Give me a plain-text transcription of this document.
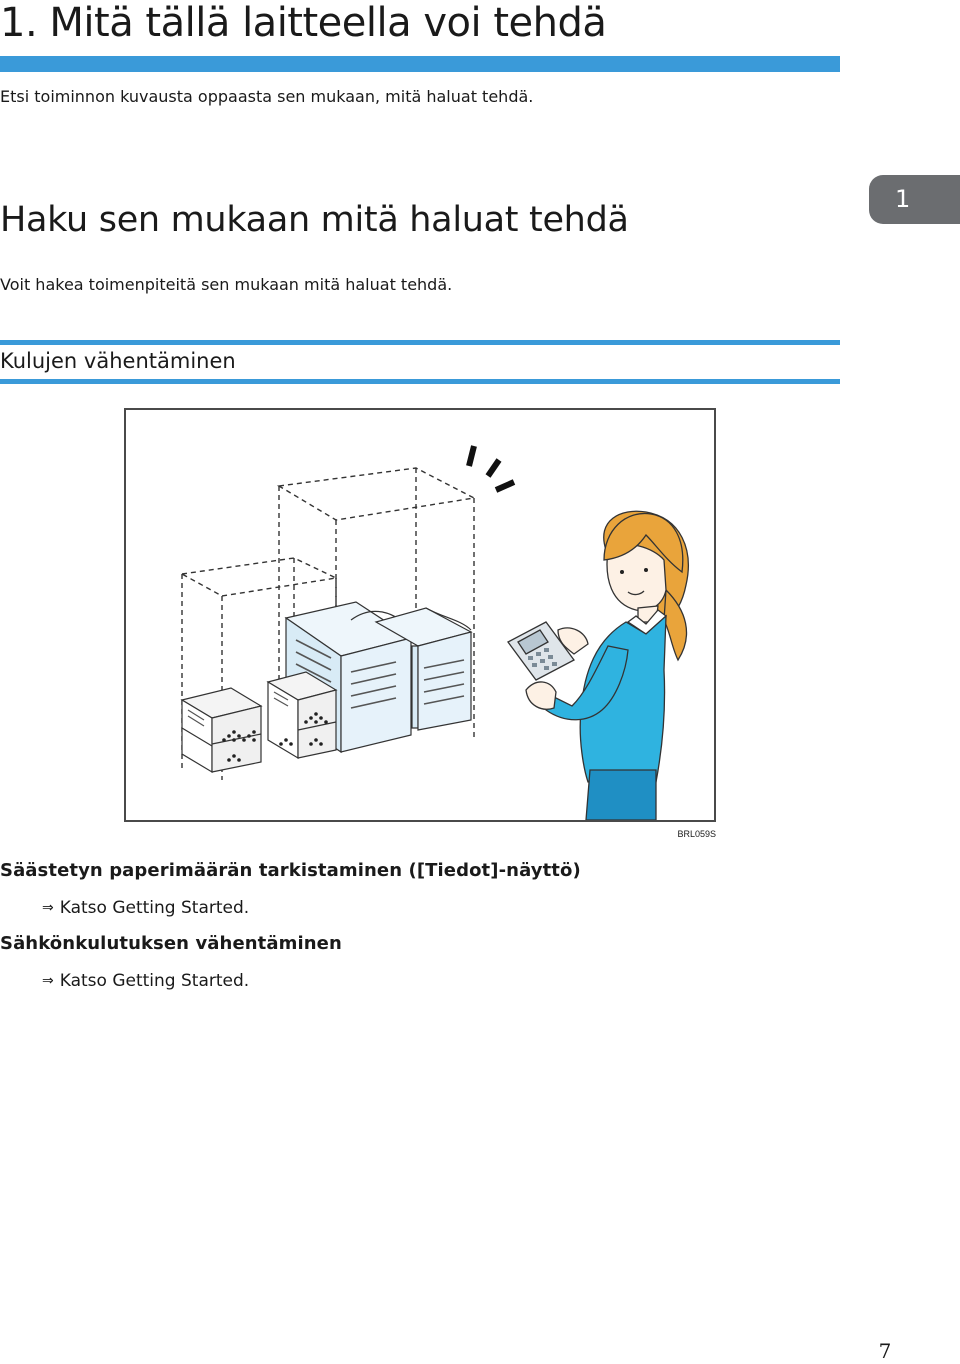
1. Mitä tällä laitteella voi tehdä
Etsi toiminnon kuvausta oppaasta sen mukaan, mitä haluat tehdä.
1
Haku sen mukaan mitä haluat tehdä
Voit hakea toimenpiteitä sen mukaan mitä haluat tehdä.
Kulujen vähentäminen
BRL059S
Säästetyn paperimäärän tarkistaminen ([Tiedot]-näyttö)
⇒ Katso Getting Started.
Sähkönkulutuksen vähentäminen
⇒ Katso Getting Started.
7
